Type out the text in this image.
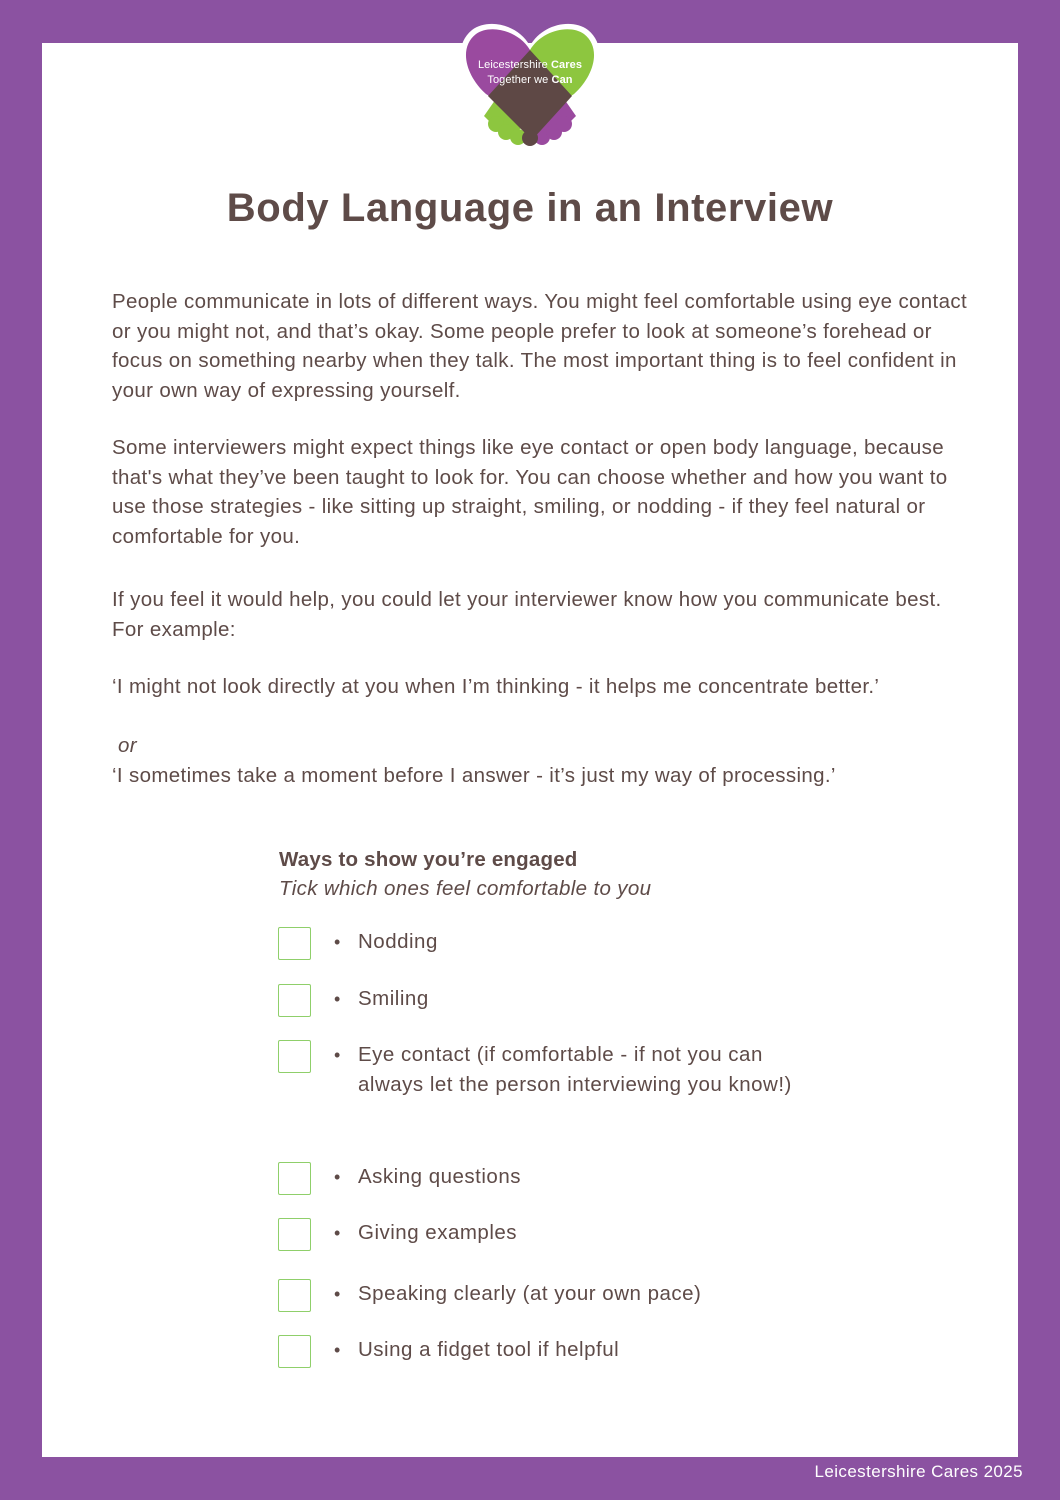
Leicestershire Cares
Together we Can
Body Language in an Interview

People communicate in lots of different ways. You might feel comfortable using eye contact or you might not, and that’s okay. Some people prefer to look at someone’s forehead or focus on something nearby when they talk. The most important thing is to feel confident in your own way of expressing yourself.

Some interviewers might expect things like eye contact or open body language, because that's what they’ve been taught to look for. You can choose whether and how you want to use those strategies - like sitting up straight, smiling, or nodding - if they feel natural or comfortable for you.

If you feel it would help, you could let your interviewer know how you communicate best. For example:

‘I might not look directly at you when I’m thinking - it helps me concentrate better.’

or

‘I sometimes take a moment before I answer - it’s just my way of processing.’

Ways to show you’re engaged

Tick which ones feel comfortable to you

• Nodding
• Smiling
• Eye contact (if comfortable - if not you can always let the person interviewing you know!)
• Asking questions
• Giving examples
• Speaking clearly (at your own pace)
• Using a fidget tool if helpful
Leicestershire Cares 2025
